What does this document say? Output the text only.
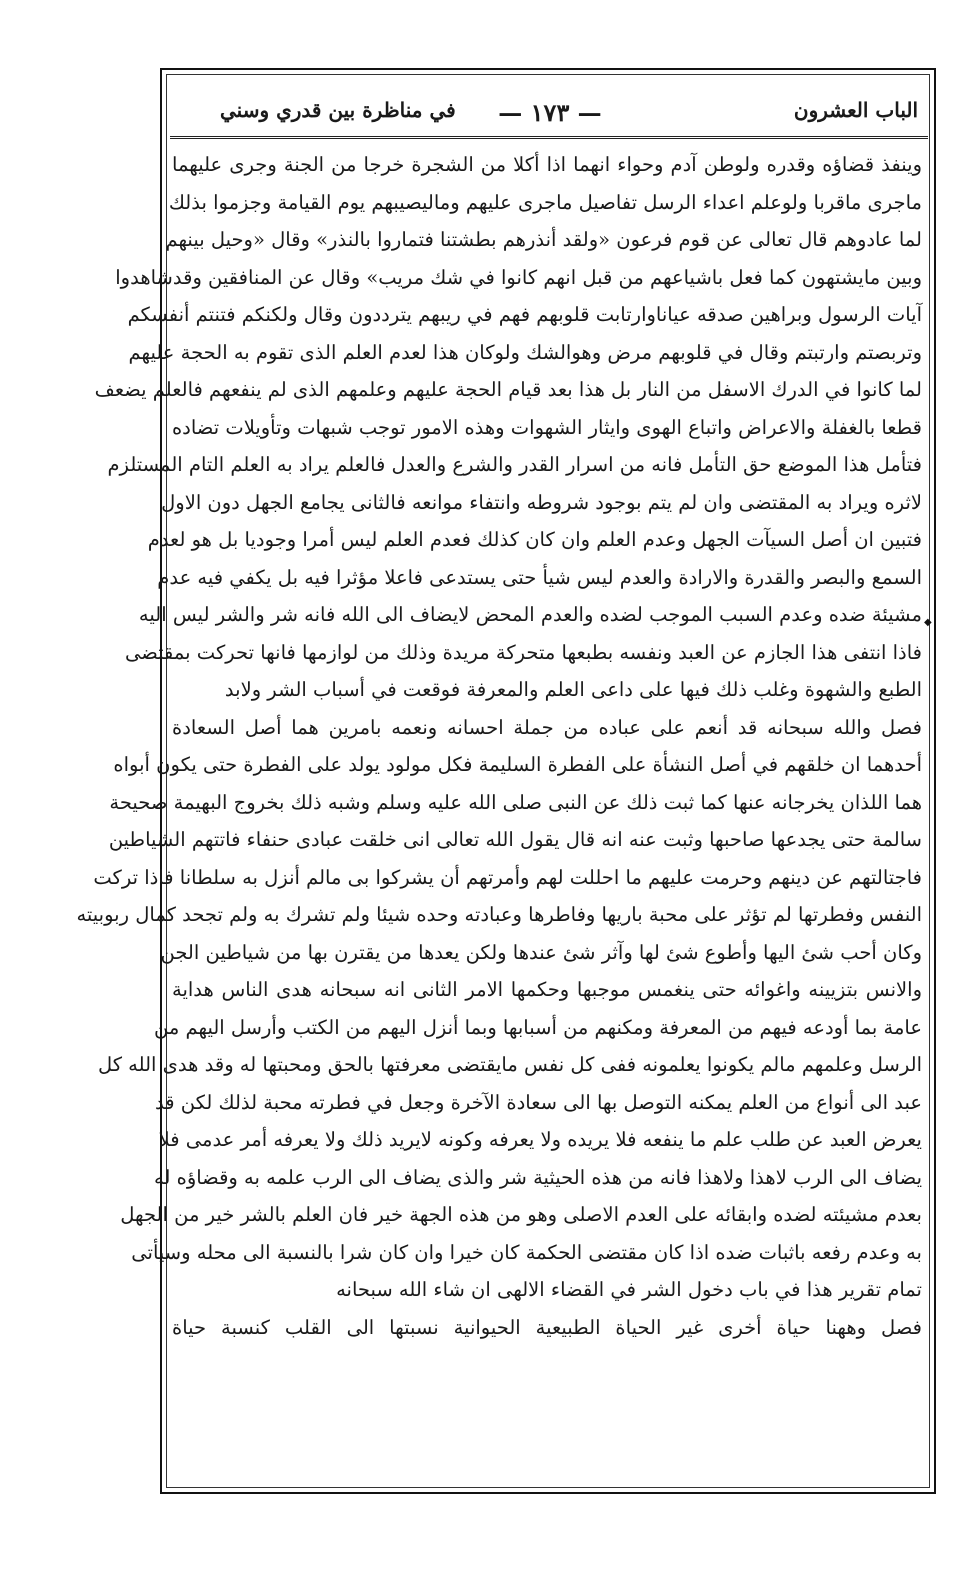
الباب العشرون
— ١٧٣ —
في مناظرة بين قدري وسني
وينفذ قضاؤه وقدره ولوطن آدم وحواء انهما اذا أكلا من الشجرة خرجا من الجنة وجرى عليهما
ماجرى ماقربا ولوعلم اعداء الرسل تفاصيل ماجرى عليهم وماليصيبهم يوم القيامة وجزموا بذلك
لما عادوهم قال تعالى عن قوم فرعون «ولقد أنذرهم بطشتنا فتماروا بالنذر» وقال «وحيل بينهم
وبين مايشتهون كما فعل باشياعهم من قبل انهم كانوا في شك مريب» وقال عن المنافقين وقدشاهدوا
آيات الرسول وبراهين صدقه عياناوارتابت قلوبهم فهم في ريبهم يترددون وقال ولكنكم فتنتم أنفسكم
وتربصتم وارتبتم وقال في قلوبهم مرض وهوالشك ولوكان هذا لعدم العلم الذى تقوم به الحجة عليهم
لما كانوا في الدرك الاسفل من النار بل هذا بعد قيام الحجة عليهم وعلمهم الذى لم ينفعهم فالعلم يضعف
قطعا بالغفلة والاعراض واتباع الهوى وايثار الشهوات وهذه الامور توجب شبهات وتأويلات تضاده
فتأمل هذا الموضع حق التأمل فانه من اسرار القدر والشرع والعدل فالعلم يراد به العلم التام المستلزم
لاثره ويراد به المقتضى وان لم يتم بوجود شروطه وانتفاء موانعه فالثانى يجامع الجهل دون الاول
فتبين ان أصل السيآت الجهل وعدم العلم وان كان كذلك فعدم العلم ليس أمرا وجوديا بل هو لعدم
السمع والبصر والقدرة والارادة والعدم ليس شيأ حتى يستدعى فاعلا مؤثرا فيه بل يكفي فيه عدم
مشيئة ضده وعدم السبب الموجب لضده والعدم المحض لايضاف الى الله فانه شر والشر ليس اليه
فاذا انتفى هذا الجازم عن العبد ونفسه بطبعها متحركة مريدة وذلك من لوازمها فانها تحركت بمقتضى
الطبع والشهوة وغلب ذلك فيها على داعى العلم والمعرفة فوقعت في أسباب الشر ولابد
فصل والله سبحانه قد أنعم على عباده من جملة احسانه ونعمه بامرين هما أصل السعادة
أحدهما ان خلقهم في أصل النشأة على الفطرة السليمة فكل مولود يولد على الفطرة حتى يكون أبواه
هما اللذان يخرجانه عنها كما ثبت ذلك عن النبى صلى الله عليه وسلم وشبه ذلك بخروج البهيمة صحيحة
سالمة حتى يجدعها صاحبها وثبت عنه انه قال يقول الله تعالى انى خلقت عبادى حنفاء فاتتهم الشياطين
فاجتالتهم عن دينهم وحرمت عليهم ما احللت لهم وأمرتهم أن يشركوا بى مالم أنزل به سلطانا فاذا تركت
النفس وفطرتها لم تؤثر على محبة باريها وفاطرها وعبادته وحده شيئا ولم تشرك به ولم تجحد كمال ربوبيته
وكان أحب شئ اليها وأطوع شئ لها وآثر شئ عندها ولكن يعدها من يقترن بها من شياطين الجن
والانس بتزيينه واغوائه حتى ينغمس موجبها وحكمها الامر الثانى انه سبحانه هدى الناس هداية
عامة بما أودعه فيهم من المعرفة ومكنهم من أسبابها وبما أنزل اليهم من الكتب وأرسل اليهم من
الرسل وعلمهم مالم يكونوا يعلمونه ففى كل نفس مايقتضى معرفتها بالحق ومحبتها له وقد هدى الله كل
عبد الى أنواع من العلم يمكنه التوصل بها الى سعادة الآخرة وجعل في فطرته محبة لذلك لكن قد
يعرض العبد عن طلب علم ما ينفعه فلا يريده ولا يعرفه وكونه لايريد ذلك ولا يعرفه أمر عدمى فلا
يضاف الى الرب لاهذا ولاهذا فانه من هذه الحيثية شر والذى يضاف الى الرب علمه به وقضاؤه له
بعدم مشيئته لضده وابقائه على العدم الاصلى وهو من هذه الجهة خير فان العلم بالشر خير من الجهل
به وعدم رفعه باثبات ضده اذا كان مقتضى الحكمة كان خيرا وان كان شرا بالنسبة الى محله وسيأتى
تمام تقرير هذا في باب دخول الشر في القضاء الالهى ان شاء الله سبحانه
فصل وههنا حياة أخرى غير الحياة الطبيعية الحيوانية نسبتها الى القلب كنسبة حياة
◆
